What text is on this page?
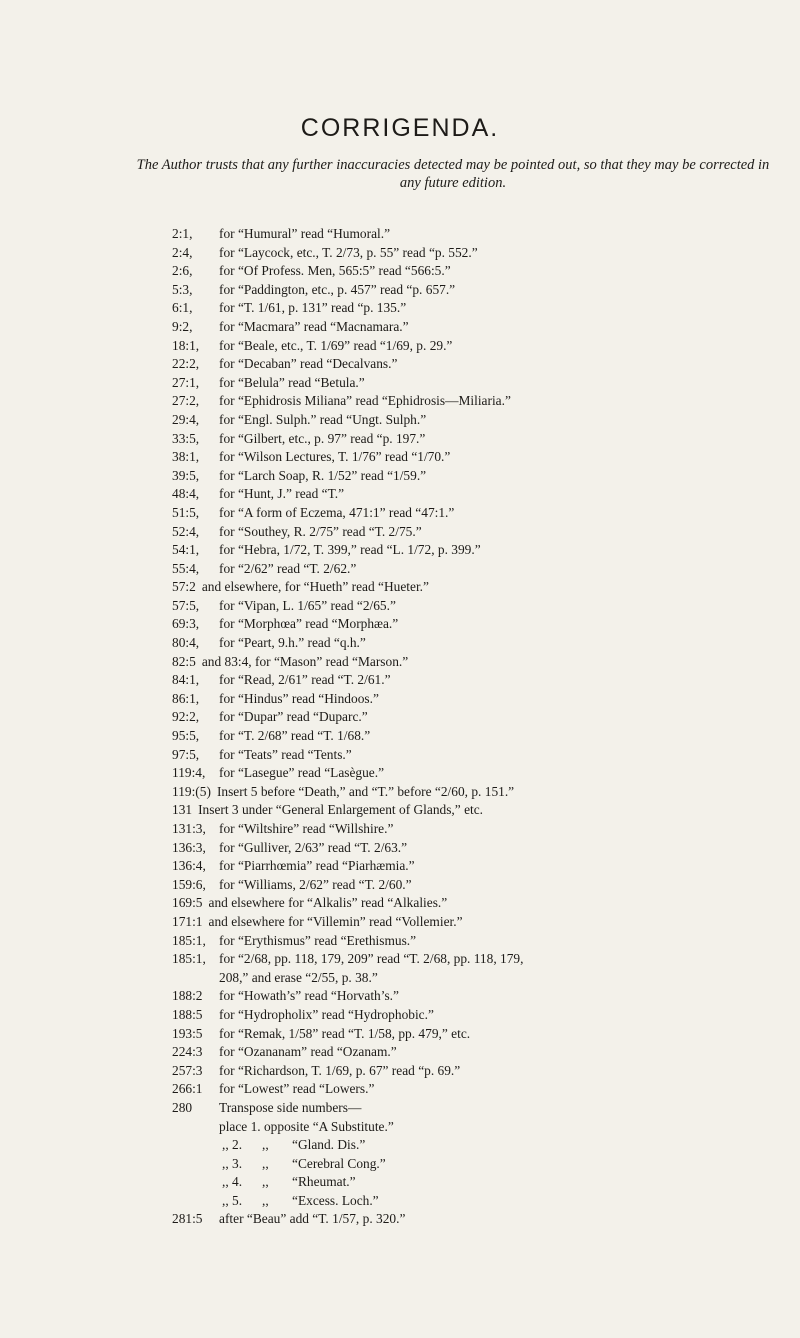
CORRIGENDA.
The Author trusts that any further inaccuracies detected may be pointed out, so that they may be corrected in any future edition.
2:1,	for “Humural” read “Humoral.”
2:4,	for “Laycock, etc., T. 2/73, p. 55” read “p. 552.”
2:6,	for “Of Profess. Men, 565:5” read “566:5.”
5:3,	for “Paddington, etc., p. 457” read “p. 657.”
6:1,	for “T. 1/61, p. 131” read “p. 135.”
9:2,	for “Macmara” read “Macnamara.”
18:1,	for “Beale, etc., T. 1/69” read “1/69, p. 29.”
22:2,	for “Decaban” read “Decalvans.”
27:1,	for “Belula” read “Betula.”
27:2,	for “Ephidrosis Miliana” read “Ephidrosis—Miliaria.”
29:4,	for “Engl. Sulph.” read “Ungt. Sulph.”
33:5,	for “Gilbert, etc., p. 97” read “p. 197.”
38:1,	for “Wilson Lectures, T. 1/76” read “1/70.”
39:5,	for “Larch Soap, R. 1/52” read “1/59.”
48:4,	for “Hunt, J.” read “T.”
51:5,	for “A form of Eczema, 471:1” read “47:1.”
52:4,	for “Southey, R. 2/75” read “T. 2/75.”
54:1,	for “Hebra, 1/72, T. 399,” read “L. 1/72, p. 399.”
55:4,	for “2/62” read “T. 2/62.”
57:2 and elsewhere, for “Hueth” read “Hueter.”
57:5,	for “Vipan, L. 1/65” read “2/65.”
69:3,	for “Morphœa” read “Morphæa.”
80:4,	for “Peart, 9.h.” read “q.h.”
82:5 and 83:4, for “Mason” read “Marson.”
84:1,	for “Read, 2/61” read “T. 2/61.”
86:1,	for “Hindus” read “Hindoos.”
92:2,	for “Dupar” read “Duparc.”
95:5,	for “T. 2/68” read “T. 1/68.”
97:5,	for “Teats” read “Tents.”
119:4,	for “Lasegue” read “Lasègue.”
119:(5) Insert 5 before “Death,” and “T.” before “2/60, p. 151.”
131 Insert 3 under “General Enlargement of Glands,” etc.
131:3, for “Wiltshire” read “Willshire.”
136:3, for “Gulliver, 2/63” read “T. 2/63.”
136:4, for “Piarrhœmia” read “Piarhæmia.”
159:6, for “Williams, 2/62” read “T. 2/60.”
169:5 and elsewhere for “Alkalis” read “Alkalies.”
171:1 and elsewhere for “Villemin” read “Vollemier.”
185:1, for “Erythismus” read “Erethismus.”
185:1, for “2/68, pp. 118, 179, 209” read “T. 2/68, pp. 118, 179,
208,” and erase “2/55, p. 38.”
188:2	for “Howath’s” read “Horvath’s.”
188:5	for “Hydropholix” read “Hydrophobic.”
193:5	for “Remak, 1/58” read “T. 1/58, pp. 479,” etc.
224:3	for “Ozananam” read “Ozanam.”
257:3	for “Richardson, T. 1/69, p. 67” read “p. 69.”
266:1	for “Lowest” read “Lowers.”
280	Transpose side numbers—
place 1. opposite “A Substitute.”
,, 2.	,,	“Gland. Dis.”
,, 3.	,,	“Cerebral Cong.”
,, 4.	,,	“Rheumat.”
,, 5.	,,	“Excess. Loch.”
281:5	after “Beau” add “T. 1/57, p. 320.”
